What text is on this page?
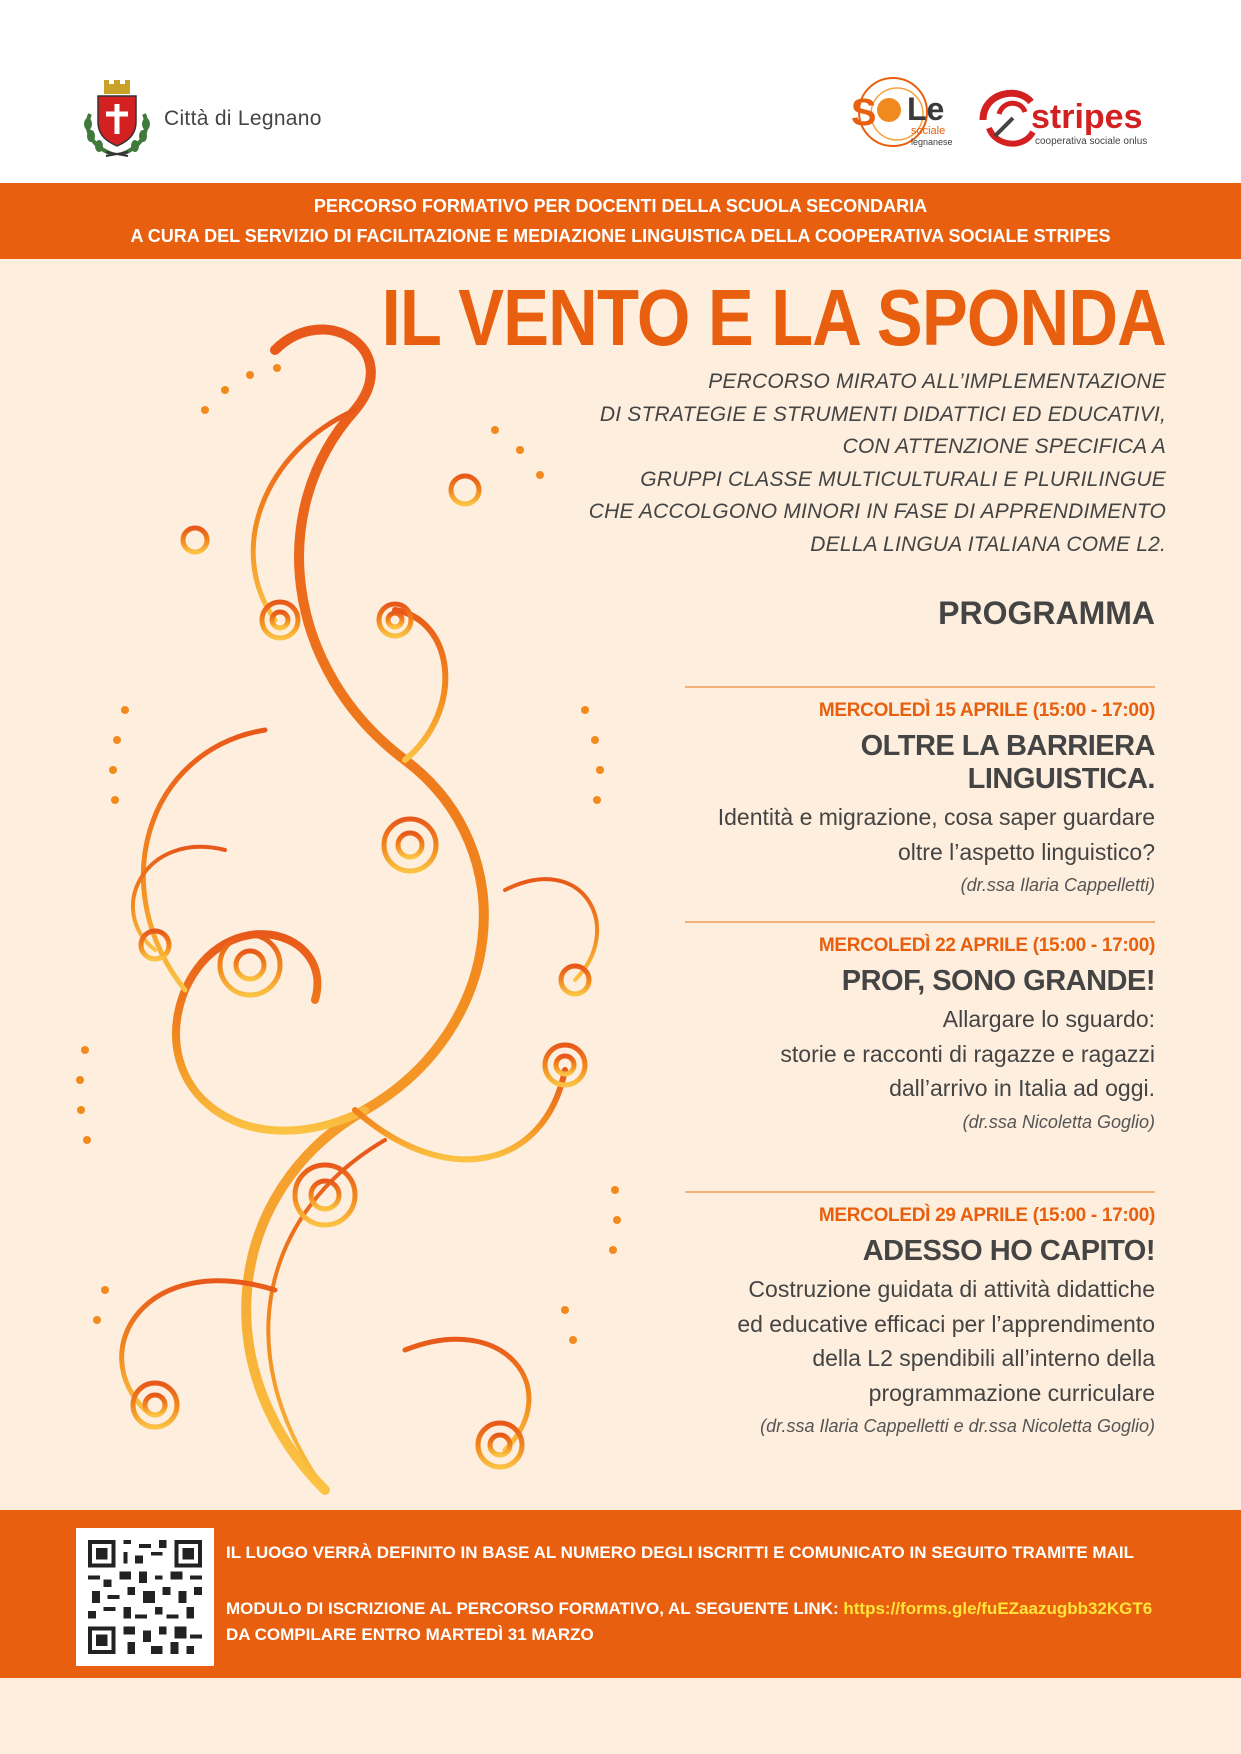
Città di Legnano	S Le
sociale
legnanese
stripes
cooperativa sociale onlus
PERCORSO FORMATIVO PER DOCENTI DELLA SCUOLA SECONDARIA
A CURA DEL SERVIZIO DI FACILITAZIONE E MEDIAZIONE LINGUISTICA DELLA COOPERATIVA SOCIALE STRIPES
IL VENTO E LA SPONDA
PERCORSO MIRATO ALL’IMPLEMENTAZIONE
DI STRATEGIE E STRUMENTI DIDATTICI ED EDUCATIVI,
CON ATTENZIONE SPECIFICA A
GRUPPI CLASSE MULTICULTURALI E PLURILINGUE
CHE ACCOLGONO MINORI IN FASE DI APPRENDIMENTO
DELLA LINGUA ITALIANA COME L2.
PROGRAMMA
MERCOLEDÌ 15 APRILE (15:00 - 17:00)
OLTRE LA BARRIERA LINGUISTICA.
Identità e migrazione, cosa saper guardare
oltre l’aspetto linguistico?
(dr.ssa Ilaria Cappelletti)
MERCOLEDÌ 22 APRILE (15:00 - 17:00)
PROF, SONO GRANDE!
Allargare lo sguardo:
storie e racconti di ragazze e ragazzi
dall’arrivo in Italia ad oggi.
(dr.ssa Nicoletta Goglio)
MERCOLEDÌ 29 APRILE (15:00 - 17:00)
ADESSO HO CAPITO!
Costruzione guidata di attività didattiche
ed educative efficaci per l’apprendimento
della L2 spendibili all’interno della
programmazione curriculare
(dr.ssa Ilaria Cappelletti e dr.ssa Nicoletta Goglio)
IL LUOGO VERRÀ DEFINITO IN BASE AL NUMERO DEGLI ISCRITTI E COMUNICATO IN SEGUITO TRAMITE MAIL
MODULO DI ISCRIZIONE AL PERCORSO FORMATIVO, AL SEGUENTE LINK: https://forms.gle/fuEZaazugbb32KGT6
DA COMPILARE ENTRO MARTEDÌ 31 MARZO
